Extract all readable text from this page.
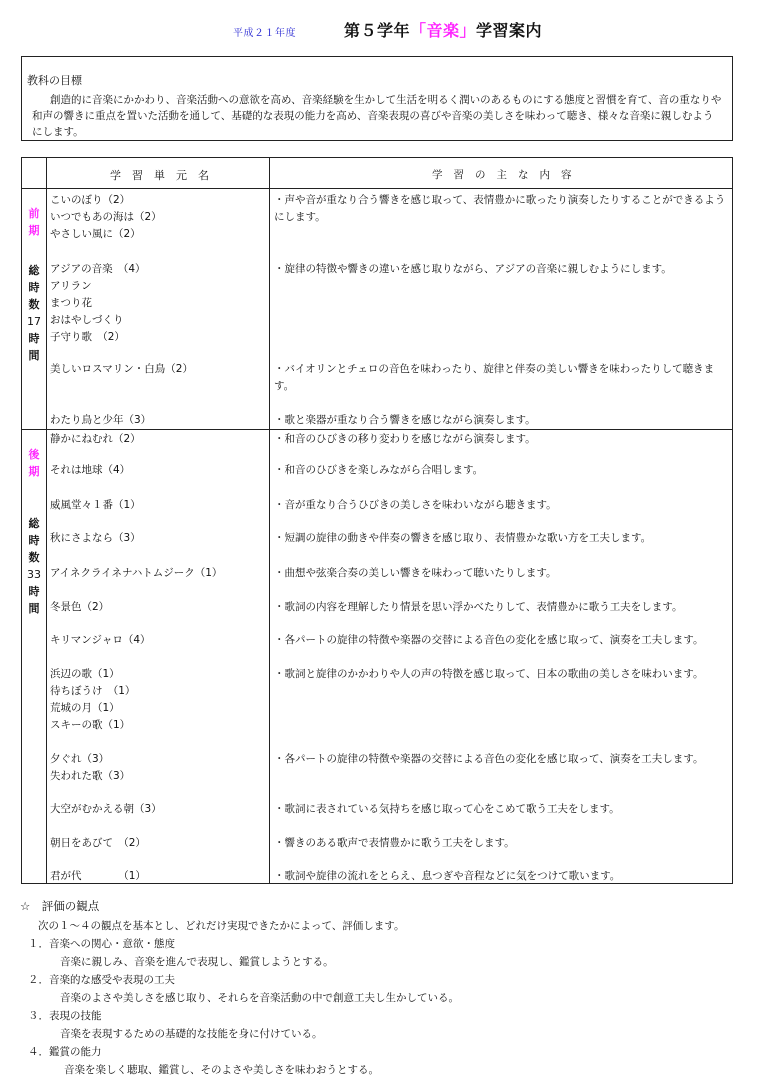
平成２１年度	第５学年「音楽」学習案内
教科の目標
創造的に音楽にかかわり、音楽活動への意欲を高め、音楽経験を生かして生活を明るく潤いのあるものにする態度と習慣を育て、音の重なりや和声の響きに重点を置いた活動を通して、基礎的な表現の能力を高め、音楽表現の喜びや音楽の美しさを味わって聴き、様々な音楽に親しむようにします。
学習単元名	学習の主な内容
前
期
総
時
数
17
時
間
こいのぼり（2）
いつでもあの海は（2）
やさしい風に（2）
アジアの音楽　（4）
アリラン
まつり花
おはやしづくり
子守り歌　（2）
美しいロスマリン・白鳥（2）
わたり鳥と少年（3）
・声や音が重なり合う響きを感じ取って、表情豊かに歌ったり演奏したりすることができるようにします。
・旋律の特徴や響きの違いを感じ取りながら、アジアの音楽に親しむようにします。
・バイオリンとチェロの音色を味わったり、旋律と伴奏の美しい響きを味わったりして聴きます。
・歌と楽器が重なり合う響きを感じながら演奏します。
後
期
総
時
数
33
時
間
静かにねむれ（2）
それは地球（4）
威風堂々１番（1）
秋にさよなら（3）
アイネクライネナハトムジーク（1）
冬景色（2）
キリマンジャロ（4）
浜辺の歌（1）
待ちぼうけ　（1）
荒城の月（1）
スキーの歌（1）
夕ぐれ（3）
失われた歌（3）
大空がむかえる朝（3）
朝日をあびて　（2）
君が代　　　　（1）
・和音のひびきの移り変わりを感じながら演奏します。
・和音のひびきを楽しみながら合唱します。
・音が重なり合うひびきの美しさを味わいながら聴きます。
・短調の旋律の動きや伴奏の響きを感じ取り、表情豊かな歌い方を工夫します。
・曲想や弦楽合奏の美しい響きを味わって聴いたりします。
・歌詞の内容を理解したり情景を思い浮かべたりして、表情豊かに歌う工夫をします。
・各パートの旋律の特徴や楽器の交替による音色の変化を感じ取って、演奏を工夫します。
・歌詞と旋律のかかわりや人の声の特徴を感じ取って、日本の歌曲の美しさを味わいます。
・各パートの旋律の特徴や楽器の交替による音色の変化を感じ取って、演奏を工夫します。
・歌詞に表されている気持ちを感じ取って心をこめて歌う工夫をします。
・響きのある歌声で表情豊かに歌う工夫をします。
・歌詞や旋律の流れをとらえ、息つぎや音程などに気をつけて歌います。
☆　評価の観点
次の１～４の観点を基本とし、どれだけ実現できたかによって、評価します。
１．音楽への関心・意欲・態度
音楽に親しみ、音楽を進んで表現し、鑑賞しようとする。
２．音楽的な感受や表現の工夫
音楽のよさや美しさを感じ取り、それらを音楽活動の中で創意工夫し生かしている。
３．表現の技能
音楽を表現するための基礎的な技能を身に付けている。
４．鑑賞の能力
音楽を楽しく聴取、鑑賞し、そのよさや美しさを味わおうとする。
